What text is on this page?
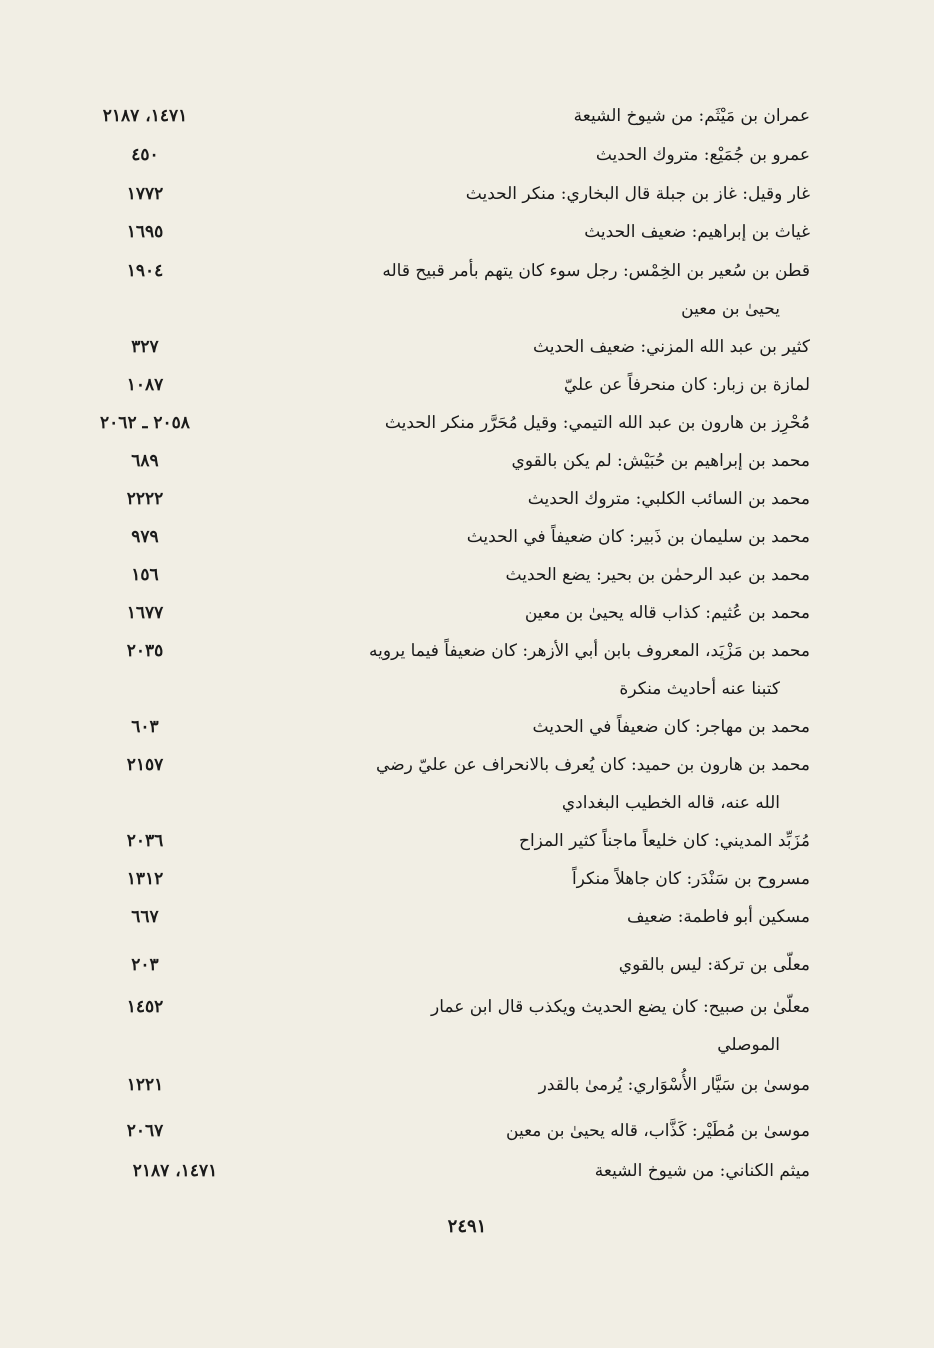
عمران بن مَيْثَم: من شيوخ الشيعة
١٤٧١، ٢١٨٧
عمرو بن جُمَيْع: متروك الحديث
٤٥٠
غار وقيل: غاز بن جبلة قال البخاري: منكر الحديث
١٧٧٢
غياث بن إبراهيم: ضعيف الحديث
١٦٩٥
قطن بن سُعير بن الخِمْس: رجل سوء كان يتهم بأمر قبيح قاله
يحيىٰ بن معين
١٩٠٤
كثير بن عبد الله المزني: ضعيف الحديث
٣٢٧
لمازة بن زبار: كان منحرفاً عن عليّ
١٠٨٧
مُحْرِز بن هارون بن عبد الله التيمي: وقيل مُحَرَّر منكر الحديث
٢٠٥٨ ـ ٢٠٦٢
محمد بن إبراهيم بن حُبَيْش: لم يكن بالقوي
٦٨٩
محمد بن السائب الكلبي: متروك الحديث
٢٢٢٢
محمد بن سليمان بن ذَبير: كان ضعيفاً في الحديث
٩٧٩
محمد بن عبد الرحمٰن بن بحير: يضع الحديث
١٥٦
محمد بن عُثيم: كذاب قاله يحيىٰ بن معين
١٦٧٧
محمد بن مَزْيَد، المعروف بابن أبي الأزهر: كان ضعيفاً فيما يرويه
كتبنا عنه أحاديث منكرة
٢٠٣٥
محمد بن مهاجر: كان ضعيفاً في الحديث
٦٠٣
محمد بن هارون بن حميد: كان يُعرف بالانحراف عن عليّ رضي
الله عنه، قاله الخطيب البغدادي
٢١٥٧
مُزَبِّد المديني: كان خليعاً ماجناً كثير المزاح
٢٠٣٦
مسروح بن سَنْدَر: كان جاهلاً منكراً
١٣١٢
مسكين أبو فاطمة: ضعيف
٦٦٧
معلّى بن تركة: ليس بالقوي
٢٠٣
معلّىٰ بن صبيح: كان يضع الحديث ويكذب قال ابن عمار
الموصلي
١٤٥٢
موسىٰ بن سَيَّار الأُسْوَاري: يُرمىٰ بالقدر
١٢٢١
موسىٰ بن مُطَيْر: كَذَّاب، قاله يحيىٰ بن معين
٢٠٦٧
ميثم الكناني: من شيوخ الشيعة
١٤٧١، ٢١٨٧
٢٤٩١
